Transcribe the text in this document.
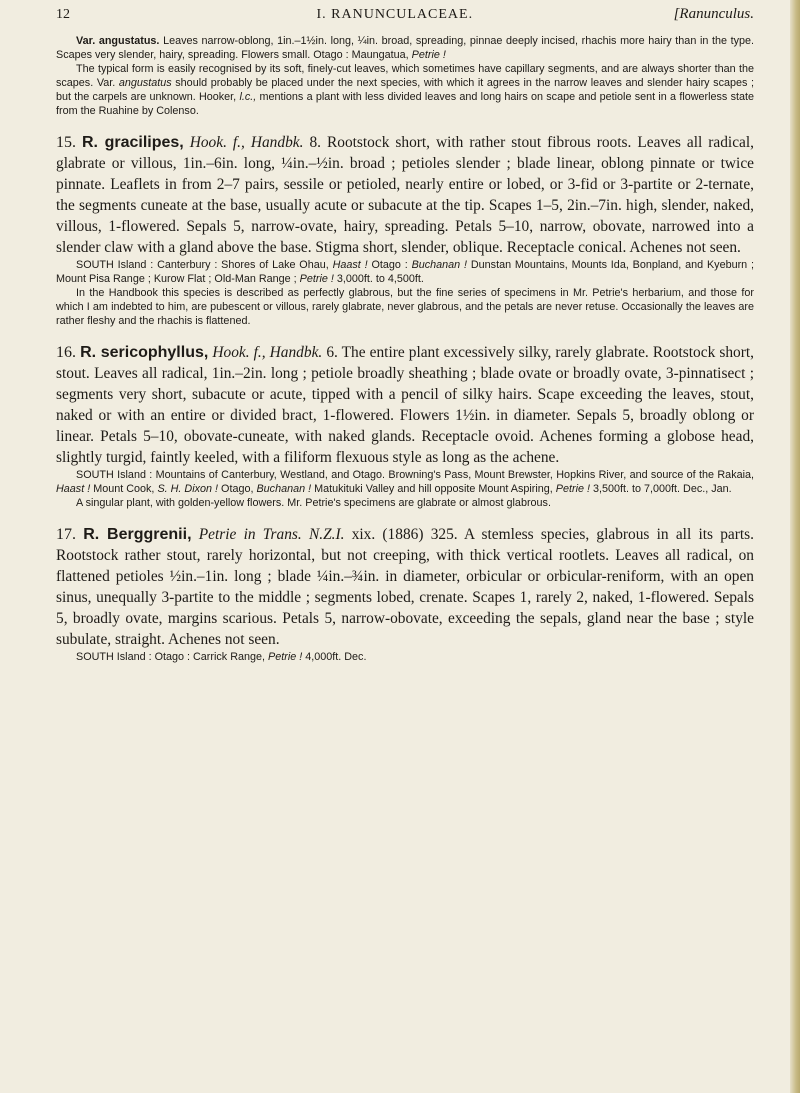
12	I. RANUNCULACEAE.	[Ranunculus.

Var. angustatus. Leaves narrow-oblong, 1in.–1½in. long, ¼in. broad, spreading, pinnae deeply incised, rhachis more hairy than in the type. Scapes very slender, hairy, spreading. Flowers small. Otago : Maungatua, Petrie !

The typical form is easily recognised by its soft, finely-cut leaves, which sometimes have capillary segments, and are always shorter than the scapes. Var. angustatus should probably be placed under the next species, with which it agrees in the narrow leaves and slender hairy scapes ; but the carpels are unknown. Hooker, l.c., mentions a plant with less divided leaves and long hairs on scape and petiole sent in a flowerless state from the Ruahine by Colenso.

15. R. gracilipes, Hook. f., Handbk. 8. Rootstock short, with rather stout fibrous roots. Leaves all radical, glabrate or villous, 1in.–6in. long, ¼in.–½in. broad ; petioles slender ; blade linear, oblong pinnate or twice pinnate. Leaflets in from 2–7 pairs, sessile or petioled, nearly entire or lobed, or 3-fid or 3-partite or 2-ternate, the segments cuneate at the base, usually acute or subacute at the tip. Scapes 1–5, 2in.–7in. high, slender, naked, villous, 1-flowered. Sepals 5, narrow-ovate, hairy, spreading. Petals 5–10, narrow, obovate, narrowed into a slender claw with a gland above the base. Stigma short, slender, oblique. Receptacle conical. Achenes not seen.

SOUTH Island : Canterbury : Shores of Lake Ohau, Haast ! Otago : Buchanan ! Dunstan Mountains, Mounts Ida, Bonpland, and Kyeburn ; Mount Pisa Range ; Kurow Flat ; Old-Man Range ; Petrie ! 3,000ft. to 4,500ft.

In the Handbook this species is described as perfectly glabrous, but the fine series of specimens in Mr. Petrie's herbarium, and those for which I am indebted to him, are pubescent or villous, rarely glabrate, never glabrous, and the petals are never retuse. Occasionally the leaves are rather fleshy and the rhachis is flattened.

16. R. sericophyllus, Hook. f., Handbk. 6. The entire plant excessively silky, rarely glabrate. Rootstock short, stout. Leaves all radical, 1in.–2in. long ; petiole broadly sheathing ; blade ovate or broadly ovate, 3-pinnatisect ; segments very short, subacute or acute, tipped with a pencil of silky hairs. Scape exceeding the leaves, stout, naked or with an entire or divided bract, 1-flowered. Flowers 1½in. in diameter. Sepals 5, broadly oblong or linear. Petals 5–10, obovate-cuneate, with naked glands. Receptacle ovoid. Achenes forming a globose head, slightly turgid, faintly keeled, with a filiform flexuous style as long as the achene.

SOUTH Island : Mountains of Canterbury, Westland, and Otago. Browning's Pass, Mount Brewster, Hopkins River, and source of the Rakaia, Haast ! Mount Cook, S. H. Dixon ! Otago, Buchanan ! Matukituki Valley and hill opposite Mount Aspiring, Petrie ! 3,500ft. to 7,000ft. Dec., Jan.

A singular plant, with golden-yellow flowers. Mr. Petrie's specimens are glabrate or almost glabrous.

17. R. Berggrenii, Petrie in Trans. N.Z.I. xix. (1886) 325. A stemless species, glabrous in all its parts. Rootstock rather stout, rarely horizontal, but not creeping, with thick vertical rootlets. Leaves all radical, on flattened petioles ½in.–1in. long ; blade ¼in.–¾in. in diameter, orbicular or orbicular-reniform, with an open sinus, unequally 3-partite to the middle ; segments lobed, crenate. Scapes 1, rarely 2, naked, 1-flowered. Sepals 5, broadly ovate, margins scarious. Petals 5, narrow-obovate, exceeding the sepals, gland near the base ; style subulate, straight. Achenes not seen.

SOUTH Island : Otago : Carrick Range, Petrie ! 4,000ft. Dec.
